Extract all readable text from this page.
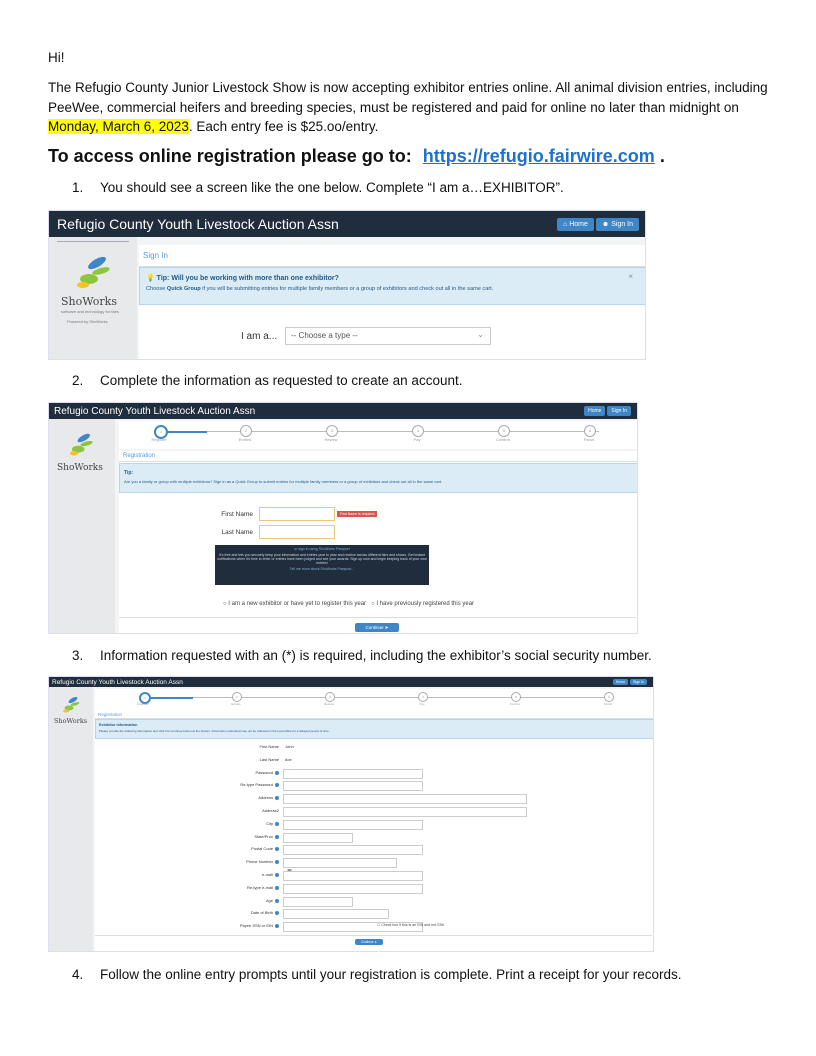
Hi!
The Refugio County Junior Livestock Show is now accepting exhibitor entries online. All animal division entries, including PeeWee, commercial heifers and breeding species, must be registered and paid for online no later than midnight on Monday, March 6, 2023. Each entry fee is $25.oo/entry.
To access online registration please go to: https://refugio.fairwire.com .
1. You should see a screen like the one below. Complete “I am a…EXHIBITOR”.
Refugio County Youth Livestock Auction Assn	⌂ Home	☻ Sign In
ShoWorks
software and technology for fairs
Powered by ShoWorks
Sign In
💡 Tip: Will you be working with more than one exhibitor?
Choose Quick Group if you will be submitting entries for multiple family members or a group of exhibitors and check out all in the same cart.
×
I am a... -- Choose a type --	⌄
2. Complete the information as requested to create an account.
Refugio County Youth Livestock Auction Assn	Home	Sign In
ShoWorks
1
Register
2
Entries
3
Review
4
Pay
5
Confirm
6
Finish
Registration
Tip:
Are you a family or group with multiple exhibitors? Sign in as a Quick Group to submit entries for multiple family members or a group of exhibitors and check out all in the same cart.
First Name	First Name is required
Last Name
or sign in using ShoWorks Passport
It's free and lets you securely keep your information and entries year to year and receive across different fairs and shows. Get instant notifications when it's time to enter or entries have been judged and see your awards. Sign up now and begin keeping track of your own entries!
Tell me more about ShoWorks Passport...
○ I am a new exhibitor or have yet to register this year ○ I have previously registered this year
Continue ➤
3. Information requested with an (*) is required, including the exhibitor’s social security number.
Refugio County Youth Livestock Auction Assn	Home	Sign In
ShoWorks
1
Register
2
Entries
3
Review
4
Pay
5
Confirm
6
Finish
Registration
Exhibitor Information
Please provide the following information and click the Continue button at the bottom. Information submitted may not be reflected in the local office for a delayed period of time.
First Name John
Last Name doe
Password
Re-type Password
Address
Address2
City
State/Prov
Postal Code
Phone Number
e-mail
Re-type e-mail
Age
Date of Birth
Payee SSN or EIN	☐ Check box if this is an EIN and not SS#
Continue ➤
4. Follow the online entry prompts until your registration is complete. Print a receipt for your records.
